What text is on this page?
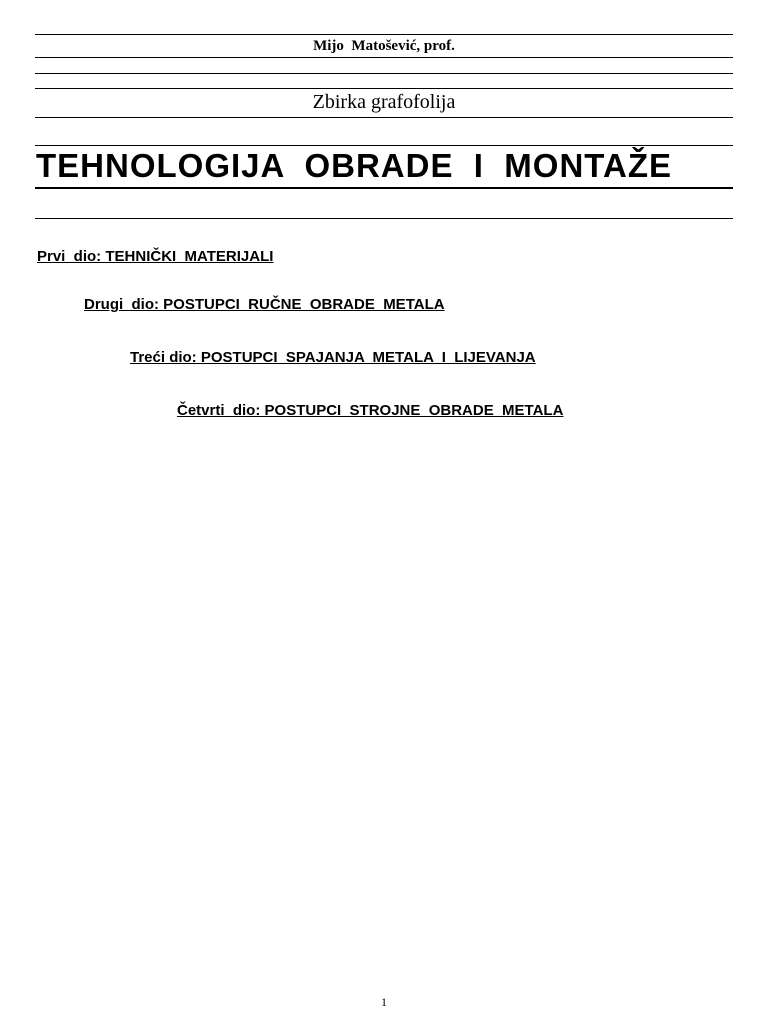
Mijo  Matošević, prof.
Zbirka grafofolija
TEHNOLOGIJA  OBRADE  I  MONTAŽE
Prvi  dio: TEHNIČKI  MATERIJALI
Drugi  dio: POSTUPCI  RUČNE  OBRADE  METALA
Treći dio: POSTUPCI  SPAJANJA  METALA  I  LIJEVANJA
Četvrti  dio: POSTUPCI  STROJNE  OBRADE  METALA
1
